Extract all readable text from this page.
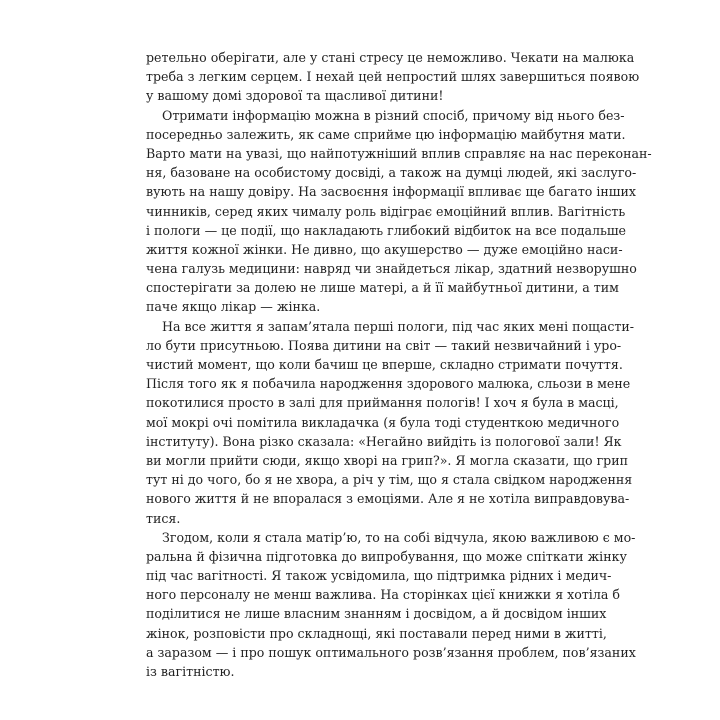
ретельно оберігати, але у стані стресу це неможливо. Чекати на малюка
треба з легким серцем. І нехай цей непростий шлях завершиться появою
у вашому домі здорової та щасливої дитини!
Отримати інформацію можна в різний спосіб, причому від нього без-
посередньо залежить, як саме сприйме цю інформацію майбутня мати.
Варто мати на увазі, що найпотужніший вплив справляє на нас переконан-
ня, базоване на особистому досвіді, а також на думці людей, які заслуго-
вують на нашу довіру. На засвоєння інформації впливає ще багато інших
чинників, серед яких чималу роль відіграє емоційний вплив. Вагітність
і пологи — це події, що накладають глибокий відбиток на все подальше
життя кожної жінки. Не дивно, що акушерство — дуже емоційно наси-
чена галузь медицини: навряд чи знайдеться лікар, здатний незворушно
спостерігати за долею не лише матері, а й її майбутньої дитини, а тим
паче якщо лікар — жінка.
На все життя я запам’ятала перші пологи, під час яких мені пощасти-
ло бути присутньою. Поява дитини на світ — такий незвичайний і уро-
чистий момент, що коли бачиш це вперше, складно стримати почуття.
Після того як я побачила народження здорового малюка, сльози в мене
покотилися просто в залі для приймання пологів! І хоч я була в масці,
мої мокрі очі помітила викладачка (я була тоді студенткою медичного
інституту). Вона різко сказала: «Негайно вийдіть із пологової зали! Як
ви могли прийти сюди, якщо хворі на грип?». Я могла сказати, що грип
тут ні до чого, бо я не хвора, а річ у тім, що я стала свідком народження
нового життя й не впоралася з емоціями. Але я не хотіла виправдовува-
тися.
Згодом, коли я стала матір’ю, то на собі відчула, якою важливою є мо-
ральна й фізична підготовка до випробування, що може спіткати жінку
під час вагітності. Я також усвідомила, що підтримка рідних і медич-
ного персоналу не менш важлива. На сторінках цієї книжки я хотіла б
поділитися не лише власним знанням і досвідом, а й досвідом інших
жінок, розповісти про складнощі, які поставали перед ними в житті,
а заразом — і про пошук оптимального розв’язання проблем, пов’язаних
із вагітністю.
